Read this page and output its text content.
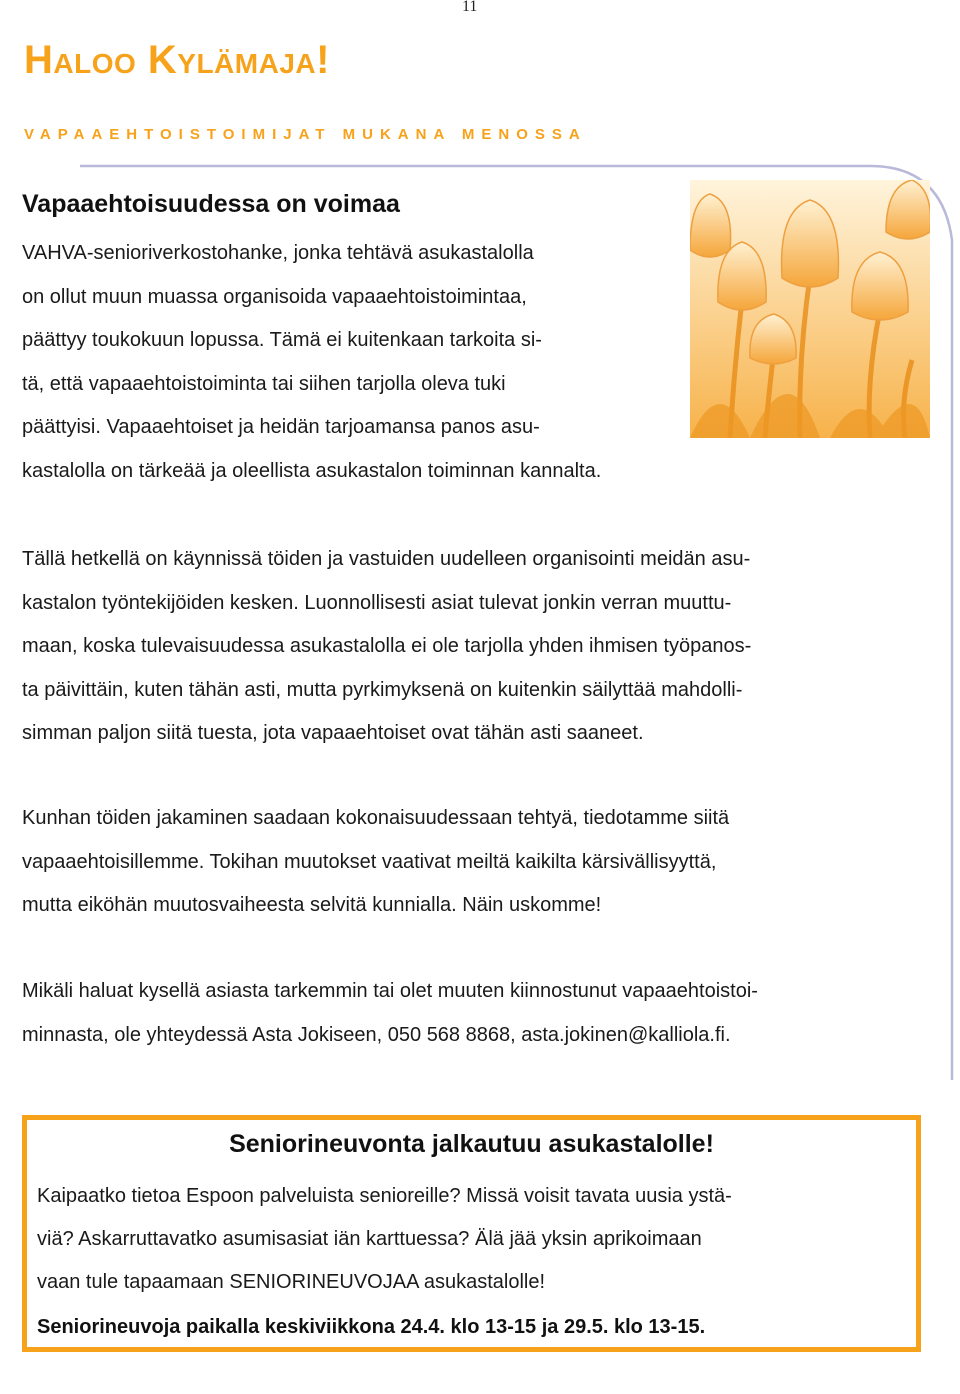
11
Haloo Kylämaja!
VAPAAEHTOISTOIMIJAT MUKANA MENOSSA
Vapaaehtoisuudessa on voimaa
VAHVA-senioriverkostohanke, jonka tehtävä asukastalolla
on ollut muun muassa organisoida vapaaehtoistoimintaa,
päättyy toukokuun lopussa. Tämä ei kuitenkaan tarkoita si-
tä, että vapaaehtoistoiminta tai siihen tarjolla oleva tuki
päättyisi. Vapaaehtoiset ja heidän tarjoamansa panos asu-
kastalolla on tärkeää ja oleellista asukastalon toiminnan kannalta.
Tällä hetkellä on käynnissä töiden ja vastuiden uudelleen organisointi meidän asu-
kastalon työntekijöiden kesken. Luonnollisesti asiat tulevat jonkin verran muuttu-
maan, koska tulevaisuudessa asukastalolla ei ole tarjolla yhden ihmisen työpanos-
ta päivittäin, kuten tähän asti, mutta pyrkimyksenä on kuitenkin säilyttää mahdolli-
simman paljon siitä tuesta, jota vapaaehtoiset ovat tähän asti saaneet.
Kunhan töiden jakaminen saadaan kokonaisuudessaan tehtyä, tiedotamme siitä
vapaaehtoisillemme. Tokihan muutokset vaativat meiltä kaikilta kärsivällisyyttä,
mutta eiköhän muutosvaiheesta selvitä kunnialla. Näin uskomme!
Mikäli haluat kysellä asiasta tarkemmin tai olet muuten kiinnostunut vapaaehtoistoi-
minnasta, ole yhteydessä Asta Jokiseen, 050 568 8868, asta.jokinen@kalliola.fi.
Seniorineuvonta jalkautuu asukastalolle!
Kaipaatko tietoa Espoon palveluista senioreille? Missä voisit tavata uusia ystä-
viä? Askarruttavatko asumisasiat iän karttuessa? Älä jää yksin aprikoimaan
vaan tule tapaamaan SENIORINEUVOJAA asukastalolle!
Seniorineuvoja paikalla keskiviikkona 24.4. klo 13-15 ja 29.5. klo 13-15.
